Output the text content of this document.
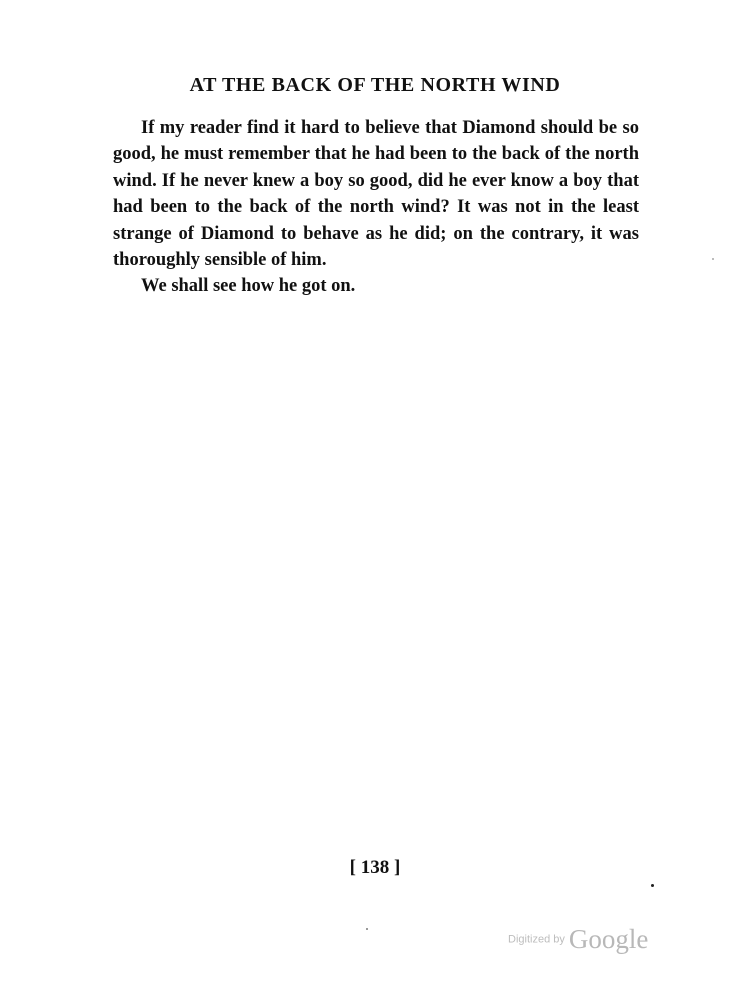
AT THE BACK OF THE NORTH WIND

If my reader find it hard to believe that Diamond should be so good, he must remember that he had been to the back of the north wind. If he never knew a boy so good, did he ever know a boy that had been to the back of the north wind? It was not in the least strange of Diamond to behave as he did; on the contrary, it was thoroughly sensible of him.

We shall see how he got on.

[ 138 ]
Digitized by Google
